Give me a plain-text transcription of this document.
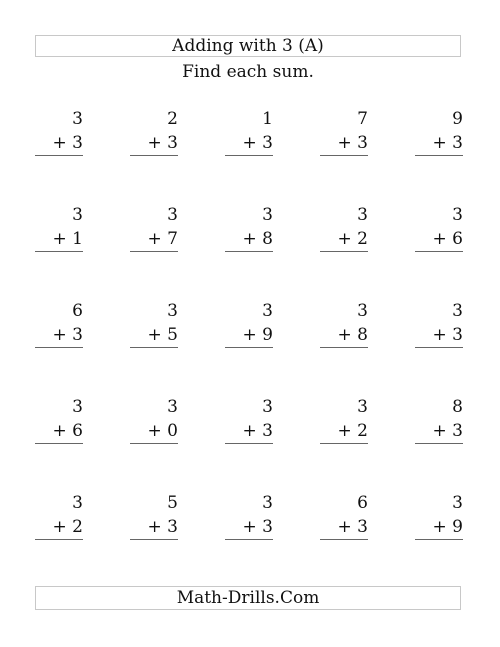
Adding with 3 (A)
Find each sum.
3
+ 3
2
+ 3
1
+ 3
7
+ 3
9
+ 3
3
+ 1
3
+ 7
3
+ 8
3
+ 2
3
+ 6
6
+ 3
3
+ 5
3
+ 9
3
+ 8
3
+ 3
3
+ 6
3
+ 0
3
+ 3
3
+ 2
8
+ 3
3
+ 2
5
+ 3
3
+ 3
6
+ 3
3
+ 9
Math-Drills.Com
